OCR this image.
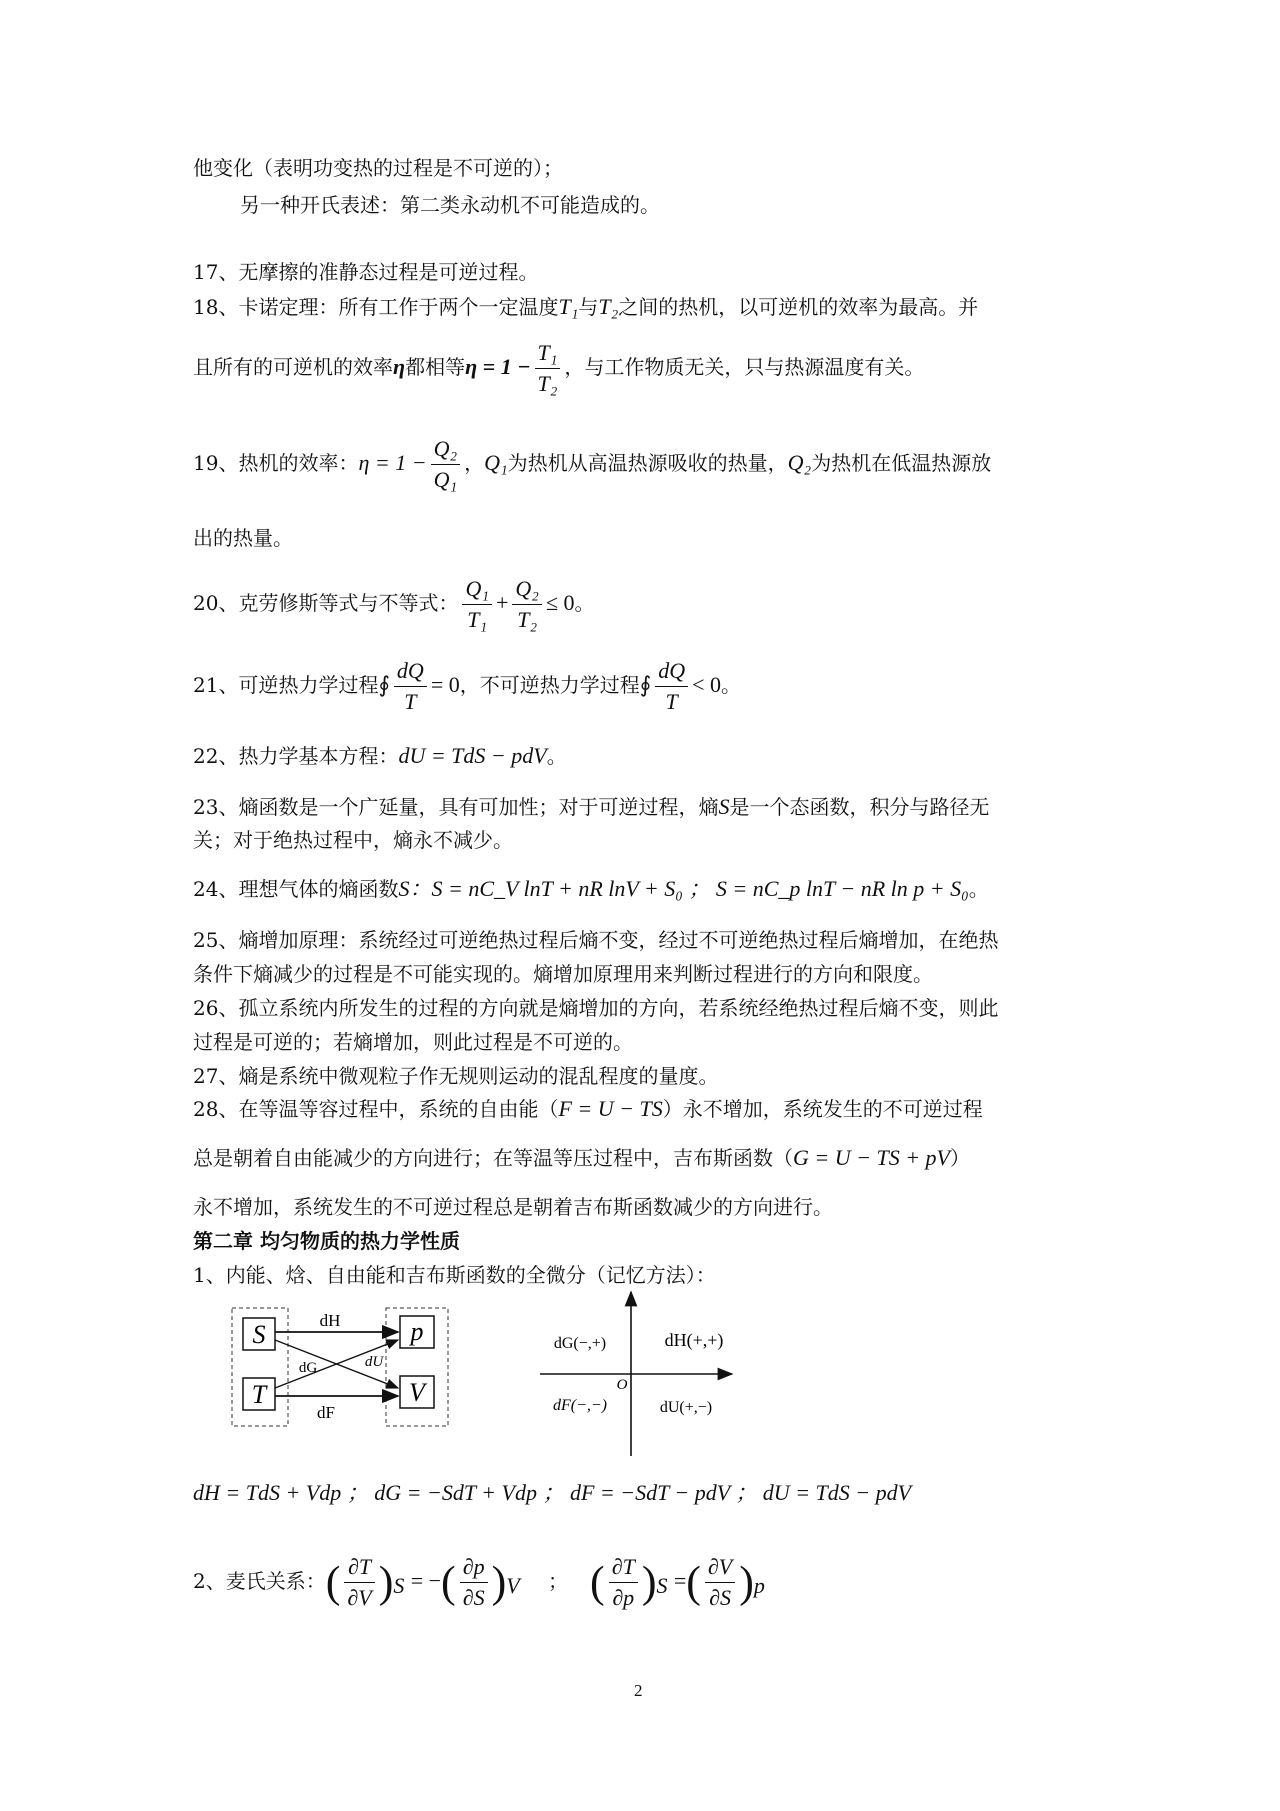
他变化（表明功变热的过程是不可逆的）；
另一种开氏表述：第二类永动机不可能造成的。
17、无摩擦的准静态过程是可逆过程。
18、卡诺定理：所有工作于两个一定温度T₁与T₂之间的热机，以可逆机的效率为最高。并
且所有的可逆机的效率η都相等$\eta = 1 - \frac{\text{T₁}}{\text{T₂}}$ ，与工作物质无关，只与热源温度有关。
19、热机的效率：$\eta = 1 - \frac{\text{Q₂}}{\text{Q₁}}$ ，Q₁为热机从高温热源吸收的热量，Q₂为热机在低温热源放
出的热量。
20、克劳修斯等式与不等式： $\frac{\text{Q₁}}{\text{T₁}} + \frac{\text{Q₂}}{\text{T₂}} \le 0$。
21、可逆热力学过程∮ $\frac{dQ}{T} = 0$，不可逆热力学过程∮ $\frac{dQ}{T} < 0$。
22、热力学基本方程：dU = TdS − pdV。
23、熵函数是一个广延量，具有可加性；对于可逆过程，熵S是一个态函数，积分与路径无
关；对于绝热过程中，熵永不减少。
24、理想气体的熵函数S：S = nC_V lnT + nR lnV + S₀ ； S = nC_p lnT − nR ln p + S₀。
25、熵增加原理：系统经过可逆绝热过程后熵不变，经过不可逆绝热过程后熵增加，在绝热
条件下熵减少的过程是不可能实现的。熵增加原理用来判断过程进行的方向和限度。
26、孤立系统内所发生的过程的方向就是熵增加的方向，若系统经绝热过程后熵不变，则此
过程是可逆的；若熵增加，则此过程是不可逆的。
27、熵是系统中微观粒子作无规则运动的混乱程度的量度。
28、在等温等容过程中，系统的自由能（F = U − TS）永不增加，系统发生的不可逆过程
总是朝着自由能减少的方向进行；在等温等压过程中，吉布斯函数（G = U − TS + pV）
永不增加，系统发生的不可逆过程总是朝着吉布斯函数减少的方向进行。
第二章 均匀物质的热力学性质
1、内能、焓、自由能和吉布斯函数的全微分（记忆方法）：
S
T
p
V
dH
dG	dU
dF
O
dH(+,+)
dG(−,+)
dF(−,−)	dU(+,−)
dH = TdS + Vdp ； dG = −SdT + Vdp ； dF = −SdT − pdV ； dU = TdS − pdV
2、麦氏关系：( $\frac{\partial T}{\partial V} )_S$ = −( $\frac{\partial p}{\partial S} )_V$ ； ( $\frac{\partial T}{\partial p} )_S$ =( $\frac{\partial V}{\partial S} )_p$
2
